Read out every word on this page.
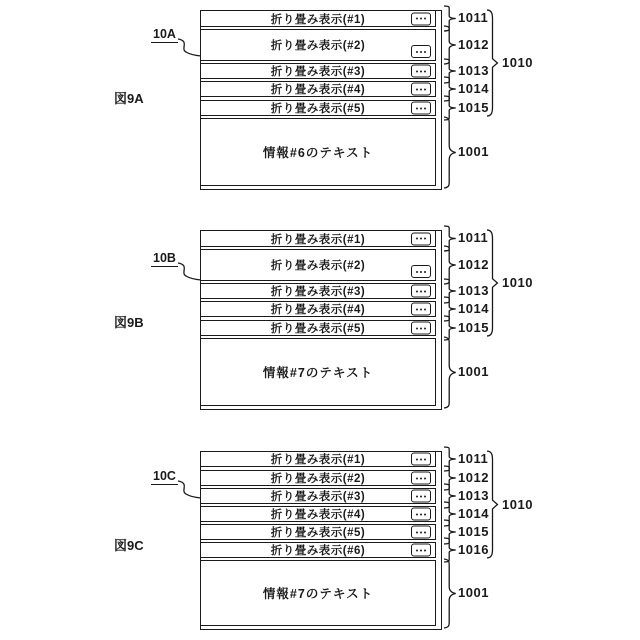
図9A
10A
折り畳み表示(#1)
折り畳み表示(#2)
折り畳み表示(#3)
折り畳み表示(#4)
折り畳み表示(#5)
情報#6のテキスト
1011
1012
1013
1014
1015
1001
1010
図9B
10B
折り畳み表示(#1)
折り畳み表示(#2)
折り畳み表示(#3)
折り畳み表示(#4)
折り畳み表示(#5)
情報#7のテキスト
1011
1012
1013
1014
1015
1001
1010
図9C
10C
折り畳み表示(#1)
折り畳み表示(#2)
折り畳み表示(#3)
折り畳み表示(#4)
折り畳み表示(#5)
折り畳み表示(#6)
情報#7のテキスト
1011
1012
1013
1014
1015
1016
1001
1010
